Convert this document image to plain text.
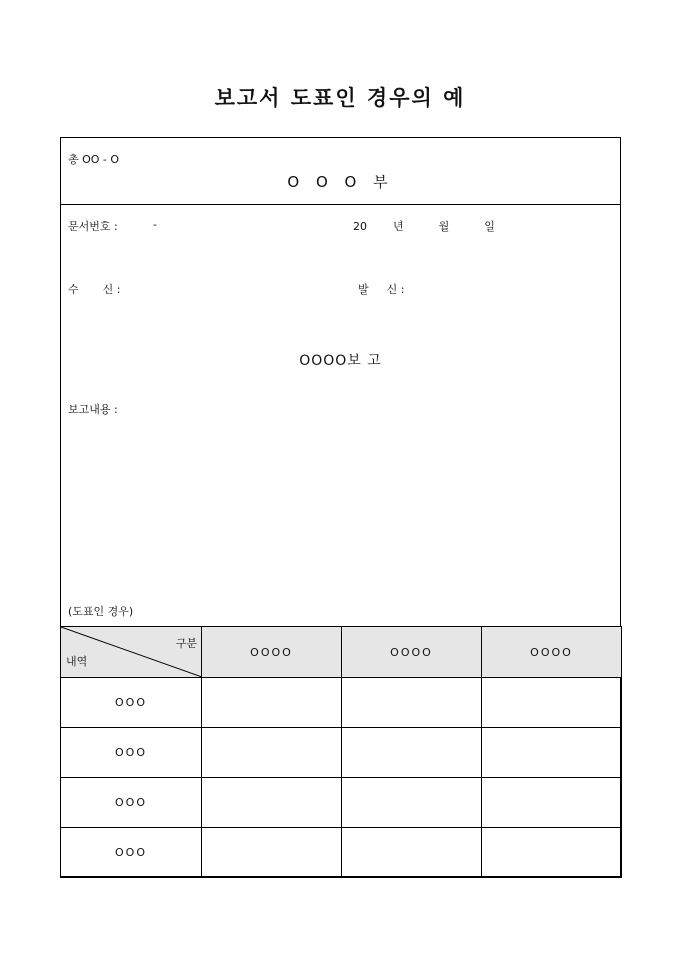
보고서 도표인 경우의 예
총 OO - O
O O O 부
문서번호 :	-	20 년	월	일
수 신 :	발 신 :
OOOO보 고
보고내용 :
(도표인 경우)
구분
내역	OOOO	OOOO	OOOO
OOO			
OOO			
OOO			
OOO			
